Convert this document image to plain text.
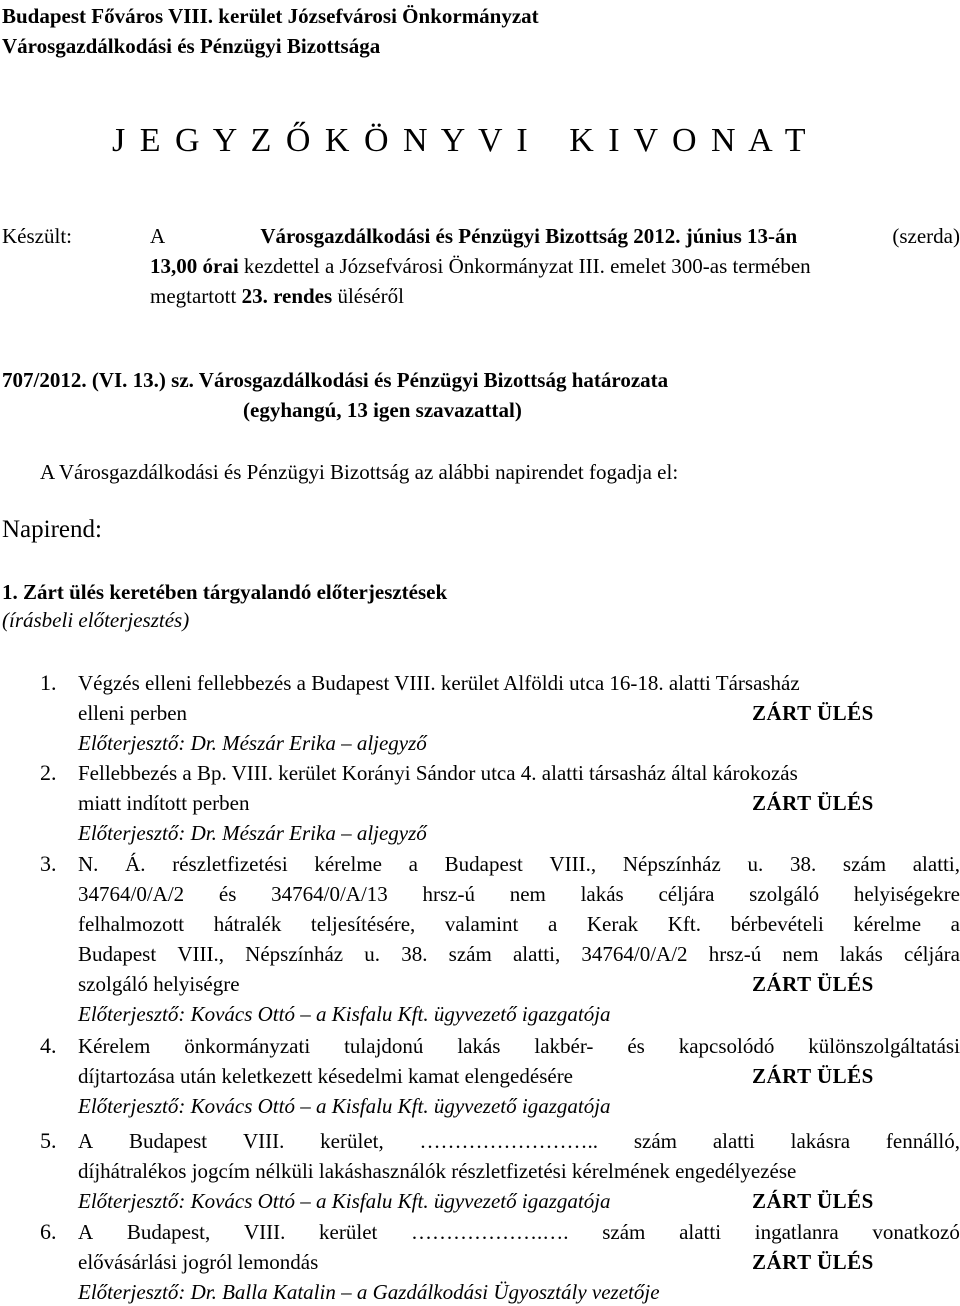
Budapest Főváros VIII. kerület Józsefvárosi Önkormányzat
Városgazdálkodási és Pénzügyi Bizottsága
J E G Y Z Ő K Ö N Y V I   K I V O N A T
Készült:	A	Városgazdálkodási és Pénzügyi Bizottság 2012. június 13-án	(szerda)
13,00 órai kezdettel a Józsefvárosi Önkormányzat III. emelet 300-as termében
megtartott 23. rendes üléséről
707/2012. (VI. 13.) sz. Városgazdálkodási és Pénzügyi Bizottság határozata
(egyhangú, 13 igen szavazattal)
A Városgazdálkodási és Pénzügyi Bizottság az alábbi napirendet fogadja el:
Napirend:
1. Zárt ülés keretében tárgyalandó előterjesztések
(írásbeli előterjesztés)
1. Végzés elleni fellebbezés a Budapest VIII. kerület Alföldi utca 16-18. alatti Társasház
elleni perben	ZÁRT ÜLÉS
Előterjesztő: Dr. Mészár Erika – aljegyző
2. Fellebbezés a Bp. VIII. kerület Korányi Sándor utca 4. alatti társasház által károkozás
miatt indított perben	ZÁRT ÜLÉS
Előterjesztő: Dr. Mészár Erika – aljegyző
3. N. Á. részletfizetési kérelme a Budapest VIII., Népszínház u. 38. szám alatti,
34764/0/A/2 és 34764/0/A/13 hrsz-ú nem lakás céljára szolgáló helyiségekre
felhalmozott hátralék teljesítésére, valamint a Kerak Kft. bérbevételi kérelme a
Budapest VIII., Népszínház u. 38. szám alatti, 34764/0/A/2 hrsz-ú nem lakás céljára
szolgáló helyiségre	ZÁRT ÜLÉS
Előterjesztő: Kovács Ottó – a Kisfalu Kft. ügyvezető igazgatója
4. Kérelem önkormányzati tulajdonú lakás lakbér- és kapcsolódó különszolgáltatási
díjtartozása után keletkezett késedelmi kamat elengedésére	ZÁRT ÜLÉS
Előterjesztő: Kovács Ottó – a Kisfalu Kft. ügyvezető igazgatója
5. A Budapest VIII. kerület, …………………….. szám alatti lakásra fennálló,
díjhátralékos jogcím nélküli lakáshasználók részletfizetési kérelmének engedélyezése
Előterjesztő: Kovács Ottó – a Kisfalu Kft. ügyvezető igazgatója	ZÁRT ÜLÉS
6. A Budapest, VIII. kerület ……………….…. szám alatti ingatlanra vonatkozó
elővásárlási jogról lemondás	ZÁRT ÜLÉS
Előterjesztő: Dr. Balla Katalin – a Gazdálkodási Ügyosztály vezetője
